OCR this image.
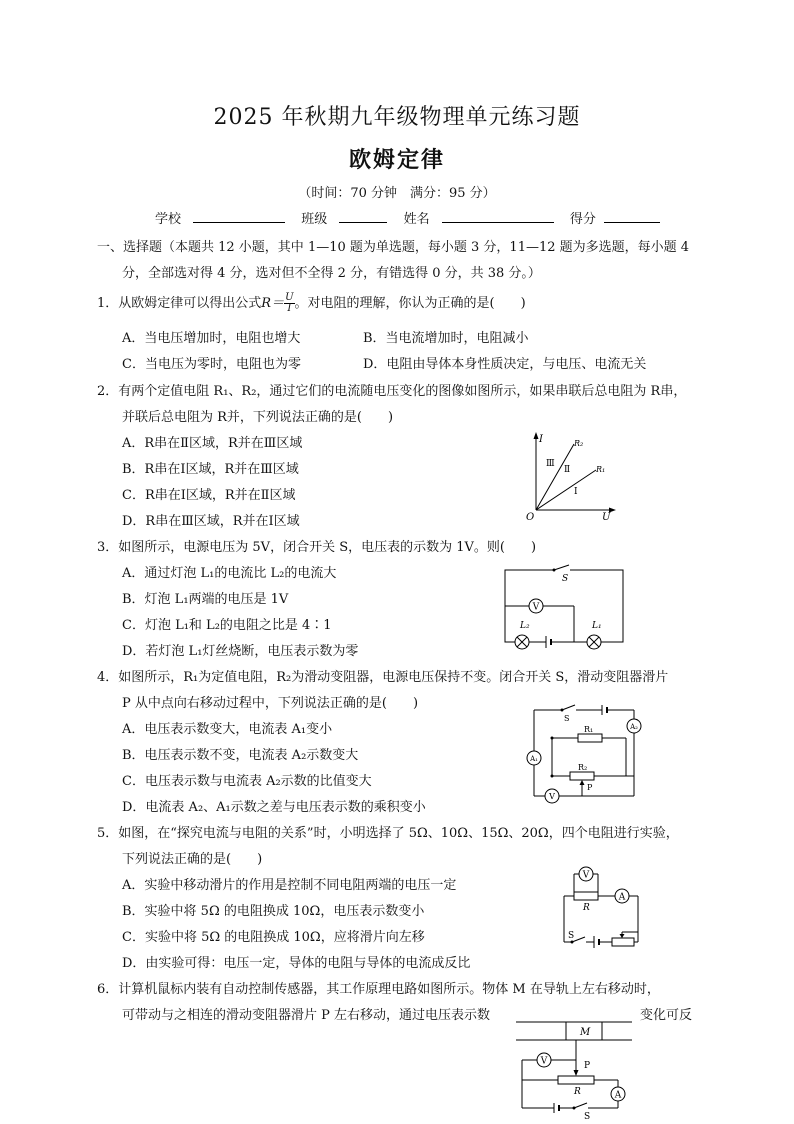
2025 年秋期九年级物理单元练习题
欧姆定律
（时间：70 分钟　满分：95 分）
学校	班级	姓名	得分
一、选择题（本题共 12 小题，其中 1—10 题为单选题，每小题 3 分，11—12 题为多选题，每小题 4
分，全部选对得 4 分，选对但不全得 2 分，有错选得 0 分，共 38 分。）
1．从欧姆定律可以得出公式$R= \frac{U}{I}$ 。对电阻的理解，你认为正确的是(　　)
A．当电压增加时，电阻也增大	B．当电流增加时，电阻减小
C．当电压为零时，电阻也为零	D．电阻由导体本身性质决定，与电压、电流无关
2．有两个定值电阻 R₁、R₂，通过它们的电流随电压变化的图像如图所示，如果串联后总电阻为 R串，
并联后总电阻为 R并，下列说法正确的是(　　)
A．R串在Ⅱ区域，R并在Ⅲ区域
B．R串在Ⅰ区域，R并在Ⅲ区域
C．R串在Ⅰ区域，R并在Ⅱ区域
D．R串在Ⅲ区域，R并在Ⅰ区域
I
U
O
R₂
R₁
Ⅲ
Ⅱ
Ⅰ
3．如图所示，电源电压为 5V，闭合开关 S，电压表的示数为 1V。则(　　)
A．通过灯泡 L₁的电流比 L₂的电流大
B．灯泡 L₁两端的电压是 1V
C．灯泡 L₁和 L₂的电阻之比是 4∶1
D．若灯泡 L₁灯丝烧断，电压表示数为零
S
V
L₂	L₁
4．如图所示，R₁为定值电阻，R₂为滑动变阻器，电源电压保持不变。闭合开关 S，滑动变阻器滑片
P 从中点向右移动过程中，下列说法正确的是(　　)
A．电压表示数变大，电流表 A₁变小
B．电压表示数不变，电流表 A₂示数变大
C．电压表示数与电流表 A₂示数的比值变大
D．电流表 A₂、A₁示数之差与电压表示数的乘积变小
S
R₁	A₂
A₁
R₂
P
V
5．如图，在“探究电流与电阻的关系”时，小明选择了 5Ω、10Ω、15Ω、20Ω，四个电阻进行实验，
下列说法正确的是(　　)
A．实验中移动滑片的作用是控制不同电阻两端的电压一定
B．实验中将 5Ω 的电阻换成 10Ω，电压表示数变小
C．实验中将 5Ω 的电阻换成 10Ω，应将滑片向左移
D．由实验可得：电压一定，导体的电阻与导体的电流成反比
V
R
A
S
6．计算机鼠标内装有自动控制传感器，其工作原理电路如图所示。物体 M 在导轨上左右移动时，
可带动与之相连的滑动变阻器滑片 P 左右移动，通过电压表示数	变化可反
M
P
V
R	A
S
